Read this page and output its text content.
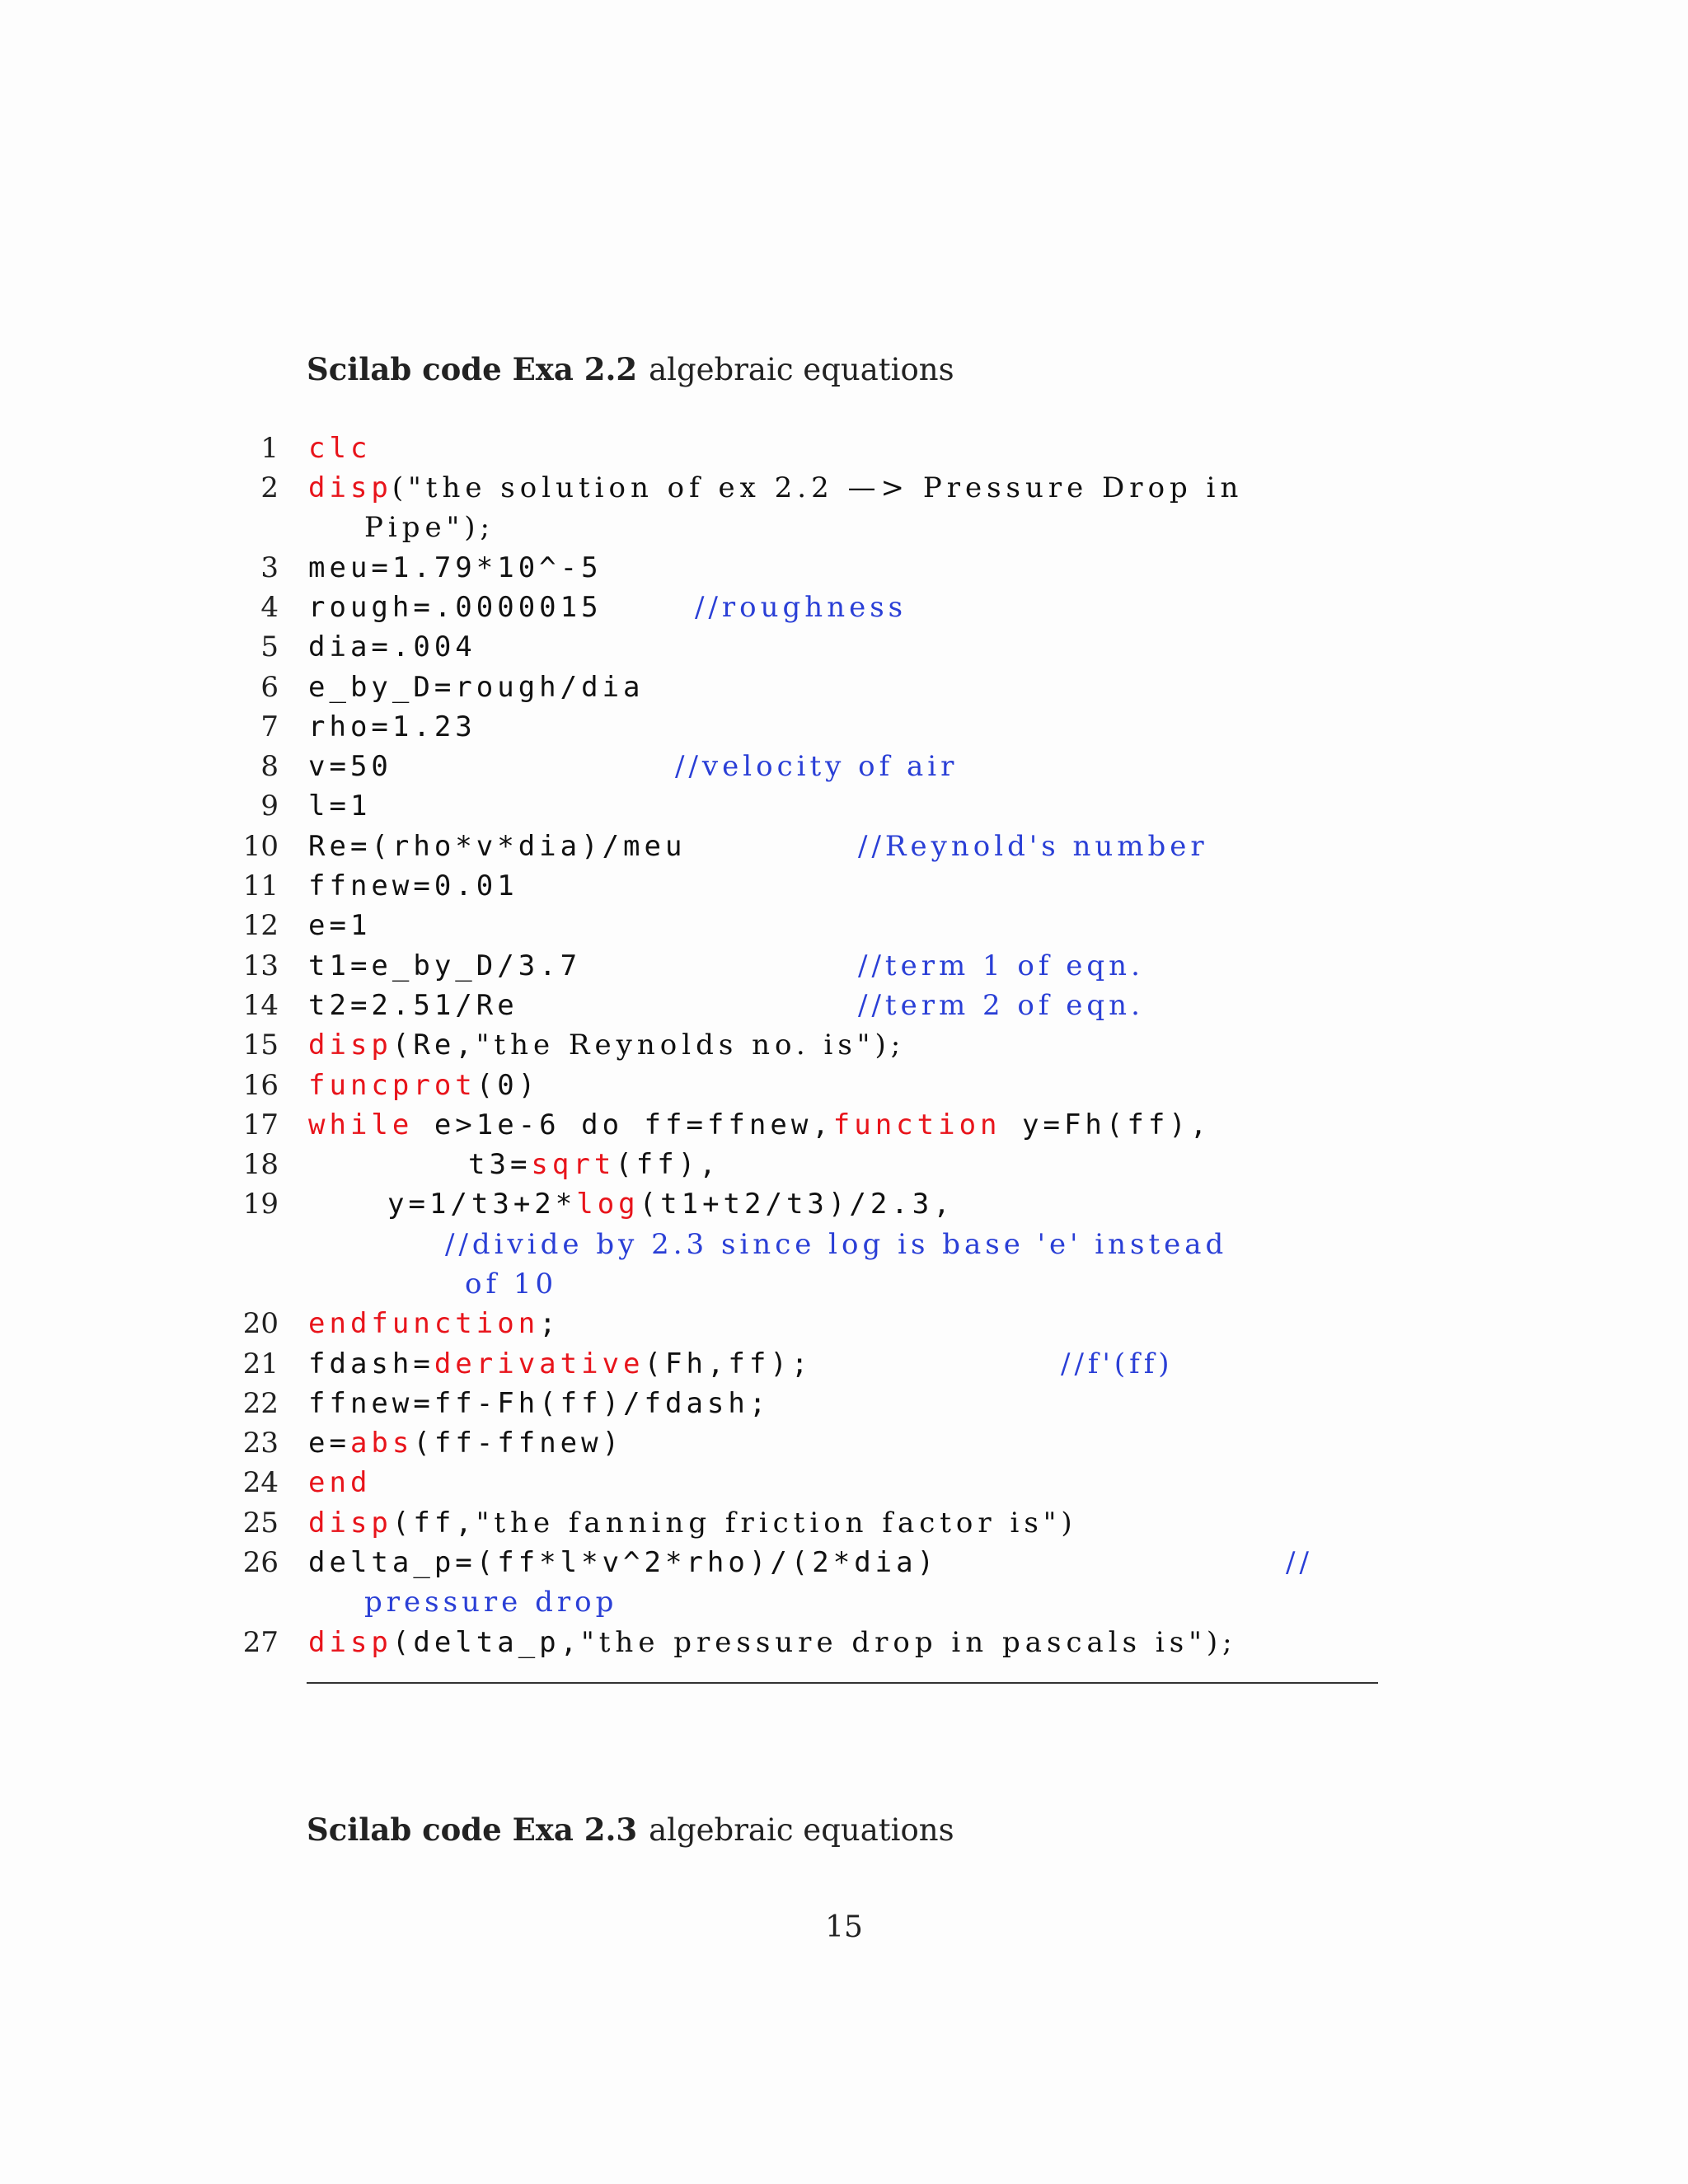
Scilab code Exa 2.2 algebraic equations
1
2
3
4
5
6
7
8
9
10
11
12
13
14
15
16
17
18
19
20
21
22
23
24
25
26
27
clc
disp("the solution of ex 2.2 —> Pressure Drop in
Pipe");
meu=1.79*10^-5
rough=.0000015	//roughness
dia=.004
e_by_D=rough/dia
rho=1.23
v=50	//velocity of air
l=1
Re=(rho*v*dia)/meu	//Reynold's number
ffnew=0.01
e=1
t1=e_by_D/3.7	//term 1 of eqn.
t2=2.51/Re	//term 2 of eqn.
disp(Re,"the Reynolds no. is");
funcprot(0)
while e>1e-6 do ff=ffnew,function y=Fh(ff),
t3=sqrt(ff),
y=1/t3+2*log(t1+t2/t3)/2.3,
//divide by 2.3 since log is base 'e' instead
of 10
endfunction;
fdash=derivative(Fh,ff);	//f'(ff)
ffnew=ff-Fh(ff)/fdash;
e=abs(ff-ffnew)
end
disp(ff,"the fanning friction factor is")
delta_p=(ff*l*v^2*rho)/(2*dia)	//
pressure drop
disp(delta_p,"the pressure drop in pascals is");
Scilab code Exa 2.3 algebraic equations
15
